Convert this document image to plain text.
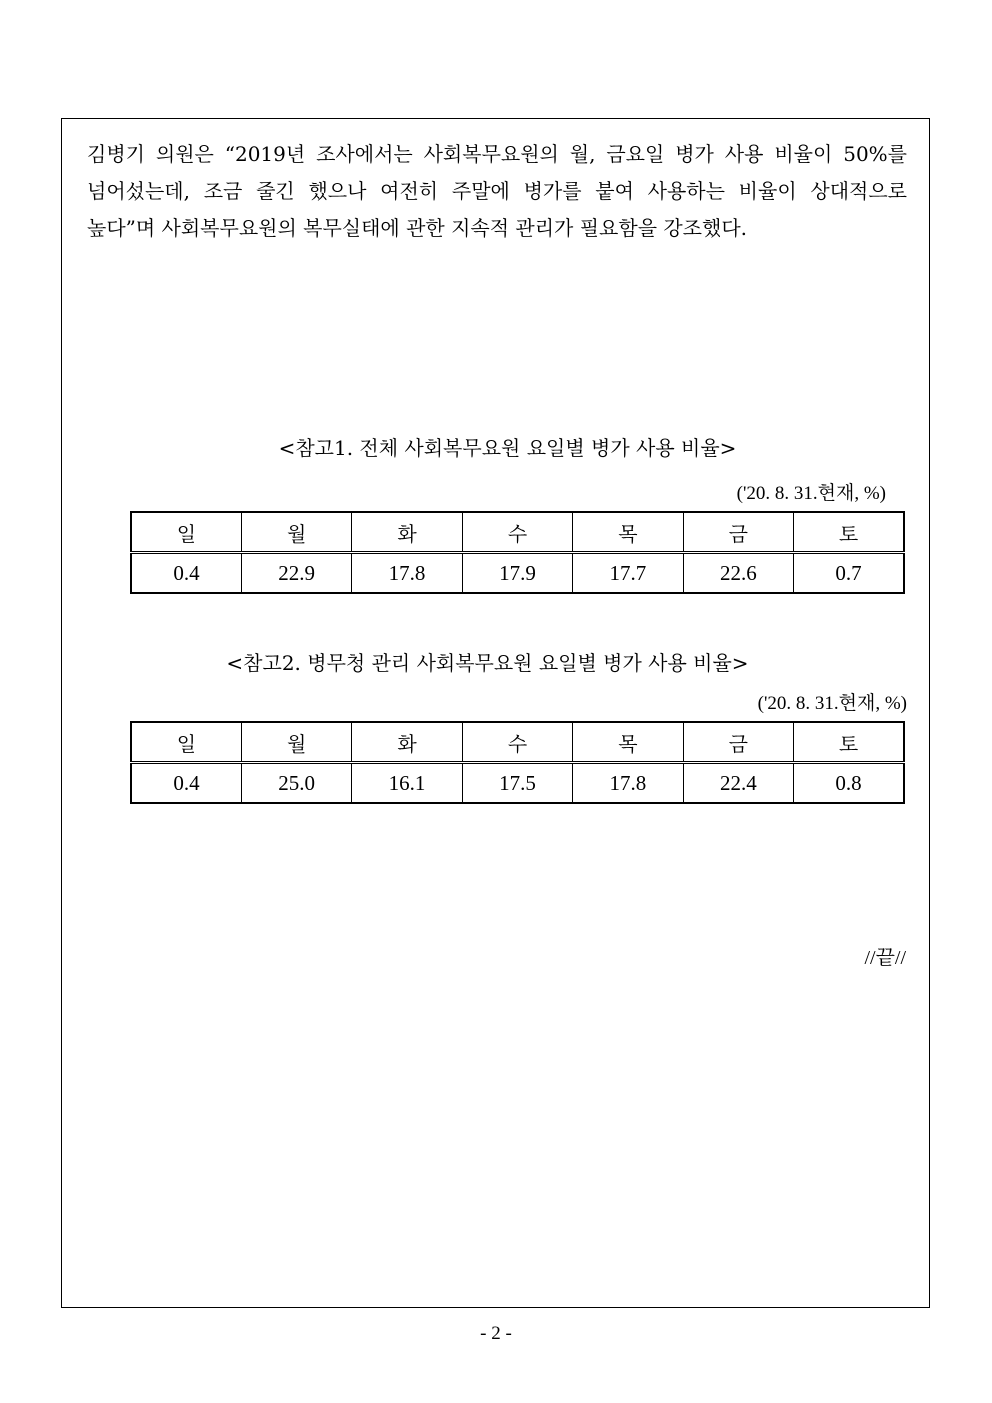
김병기 의원은 “2019년 조사에서는 사회복무요원의 월, 금요일 병가 사용 비율이 50%를 넘어섰는데, 조금 줄긴 했으나 여전히 주말에 병가를 붙여 사용하는 비율이 상대적으로 높다”며 사회복무요원의 복무실태에 관한 지속적 관리가 필요함을 강조했다.

<참고1. 전체 사회복무요원 요일별 병가 사용 비율>

('20. 8. 31.현재, %)
일	월	화	수	목	금	토
0.4	22.9	17.8	17.9	17.7	22.6	0.7

<참고2. 병무청 관리 사회복무요원 요일별 병가 사용 비율>

('20. 8. 31.현재, %)
일	월	화	수	목	금	토
0.4	25.0	16.1	17.5	17.8	22.4	0.8
//끝//
- 2 -
